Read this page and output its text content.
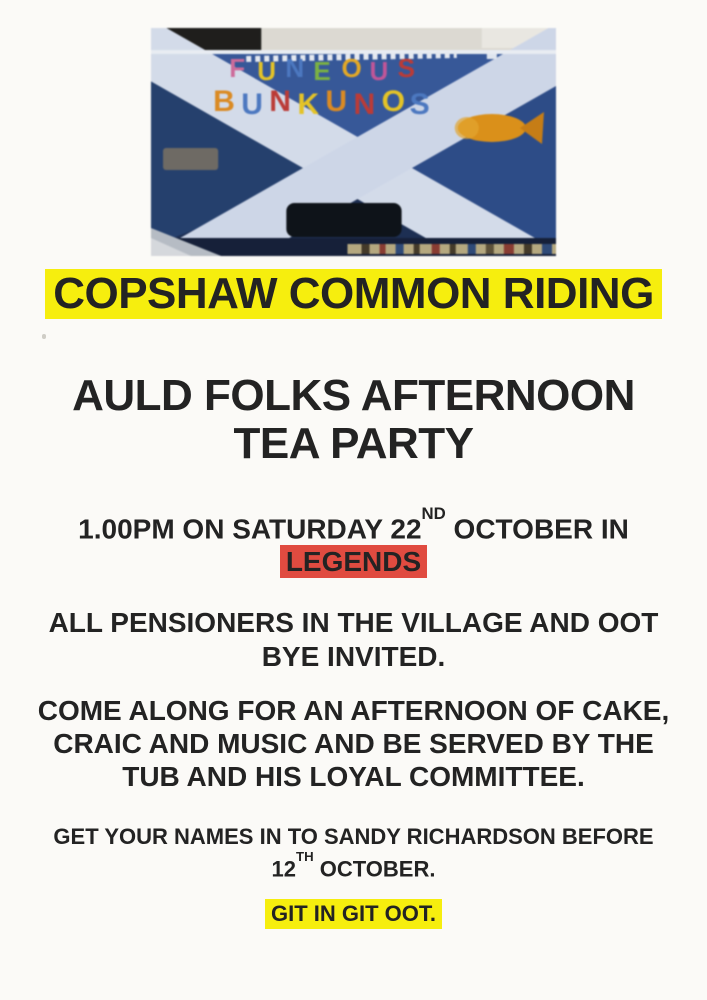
F U N E O U S
B U N K U N O S
COPSHAW COMMON RIDING
AULD FOLKS AFTERNOON
TEA PARTY
1.00PM ON SATURDAY 22ND OCTOBER IN
LEGENDS
ALL PENSIONERS IN THE VILLAGE AND OOT
BYE INVITED.
COME ALONG FOR AN AFTERNOON OF CAKE,
CRAIC AND MUSIC AND BE SERVED BY THE
TUB AND HIS LOYAL COMMITTEE.
GET YOUR NAMES IN TO SANDY RICHARDSON BEFORE
12TH OCTOBER.
GIT IN GIT OOT.
